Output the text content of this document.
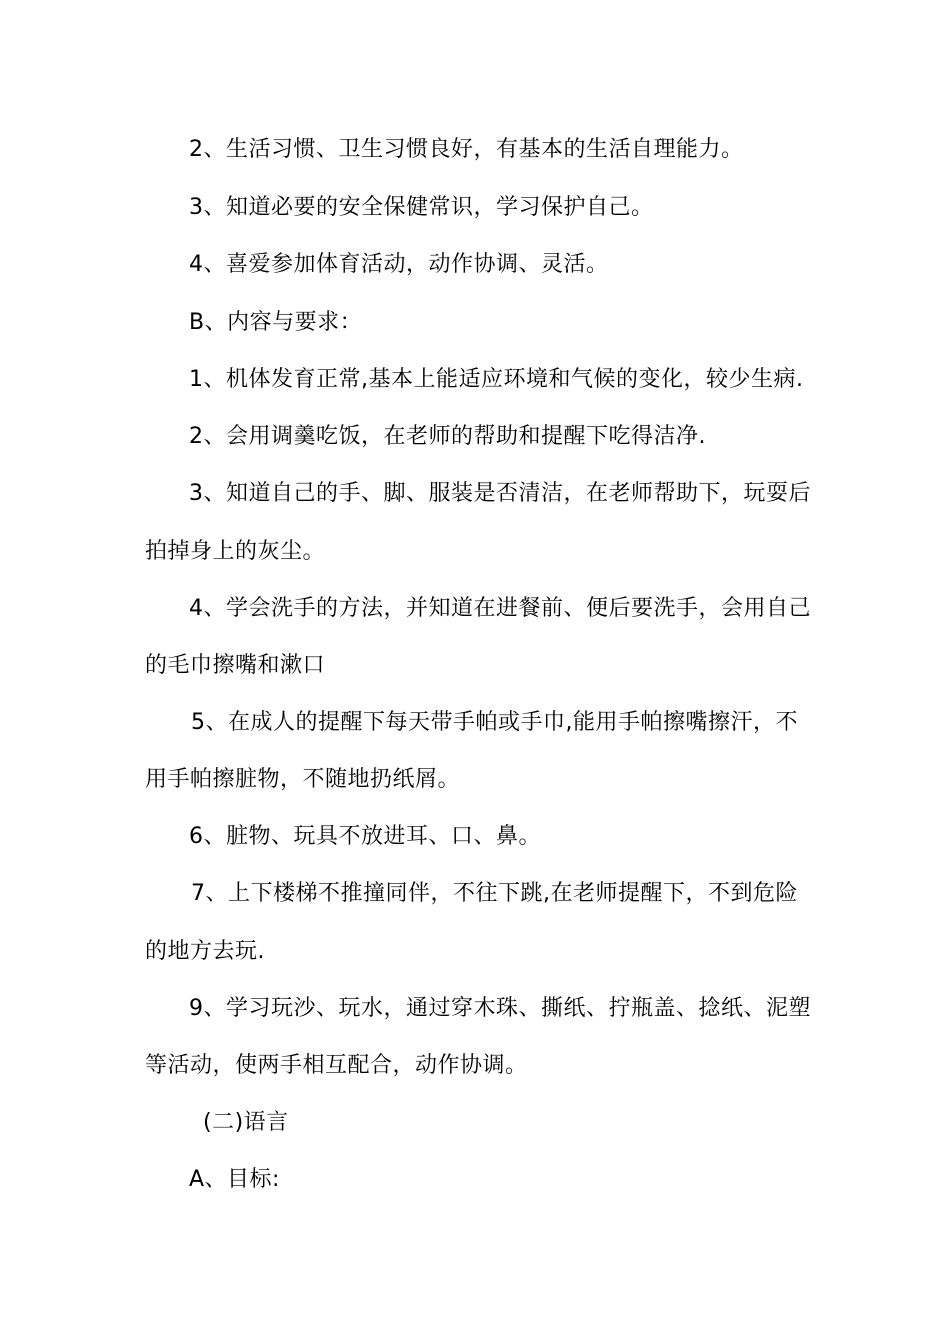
2、生活习惯、卫生习惯良好，有基本的生活自理能力。
3、知道必要的安全保健常识，学习保护自己。
4、喜爱参加体育活动，动作协调、灵活。
B、内容与要求：
1、机体发育正常,基本上能适应环境和气候的变化，较少生病.
2、会用调羹吃饭，在老师的帮助和提醒下吃得洁净.
3、知道自己的手、脚、服装是否清洁，在老师帮助下，玩耍后
拍掉身上的灰尘。
4、学会洗手的方法，并知道在进餐前、便后要洗手，会用自己
的毛巾擦嘴和漱口
5、在成人的提醒下每天带手帕或手巾,能用手帕擦嘴擦汗，不
用手帕擦脏物，不随地扔纸屑。
6、脏物、玩具不放进耳、口、鼻。
7、上下楼梯不推撞同伴，不往下跳,在老师提醒下，不到危险
的地方去玩.
9、学习玩沙、玩水，通过穿木珠、撕纸、拧瓶盖、捻纸、泥塑
等活动，使两手相互配合，动作协调。
(二)语言
A、目标:
